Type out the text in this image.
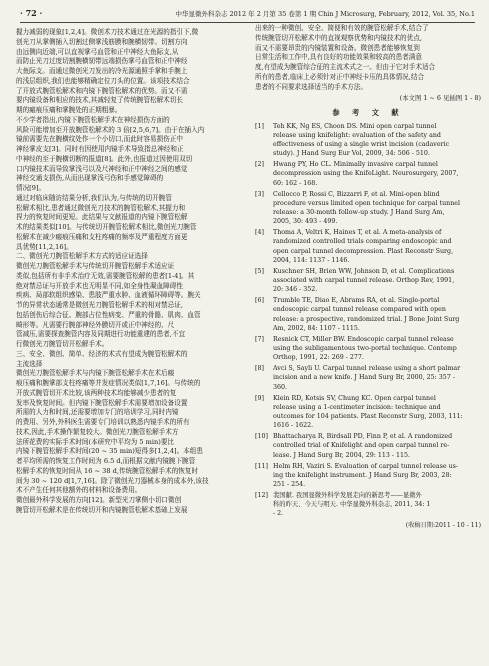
· 72 ·	中华显微外科杂志 2012 年 2 月第 35 卷第 1 期 Chin J Microsurg, February, 2012, Vol. 35, No.1
握力减弱的现象[1,2,4]。微创术刀技术通过在光源的指引下,微
创光刀从掌侧插入切割过侧掌浅筋膜和腕横韧带。切割方向
由远侧向近端,可以直视掌弓血管和正中神经大鱼际支,从
而防止光刀过度切割腕横韧带远端损伤掌弓血管和正中神经
大鱼际支。而通过微创光刀发出的冷光源通照手掌和手腕上
的浅层组织,我们也能够精确定位刀头的位置。该项技术结合
了开放式腕管松解术和内镜下腕管松解术的优势。而又不需
要内镜设备和相应的技术,其减轻复了传统腕管松解术切长
期的瘢痕压痛和掌腕处的正期粗暴。
不少学者指出,内镜下腕管松解手术在神经损伤方面的
风险可能增加至开放腕管松解术的 3 倍[2,5,6,7]。由于在插入内
镜前需要先在腕横纹处作一个小切口,而此时容易损伤正中
神经掌皮支[3]。同时有因使用内镜手术导致指总神经和正
中神经的至于腕横切断的报道[8]。此外,也报道过因使用双切
口内镜技术而导致掌浅弓以及尺神经和正中神经之间的感觉
神经交通支损伤,从而出现掌浅弓伤和手感觉障碍的
情况[9]。
通过对临床随访结果分析,我们认为,与传统的切开腕管
松解术相比,患者通过微创光刀技术的腕管松解术,其握力和
捏力的恢复时间更短。此结果与文献报道的内镜下腕管松解
术的结果类似[10]。与传统切开腕管松解术相比,微创光刀腕管
松解术在减少瘢痕压痛和支柱疼痛的频率及严重程度方面更
具优势[11,2,16]。
二、微创光刀腕管松解手术方式的适应证选择
微创光刀腕管松解手术与传统切开腕管松解手术适应证
类似,包括所有非手术治疗无效,需要腕管松解的患者[1-4]。其
绝对禁忌证与开放手术也无明显不同,如全身性凝血障碍性
疾病、局部软组织感染、患肢严重水肿、血液循环障碍等。腕关
节的异常状态通常是微创光刀腕管松解手术的相对禁忌证,
包括创伤后综合征、腕部占位性病变、严重的骨骼、肌肉、血管
畸形等。凡需要行腕部神经外膜切开或正中神经的、尺
管减压,需要探查腕管内容及同期进行功能重建的患者,不宜
行微创光刀腕管切开松解手术。
三、安全、微创、简单、经济的术式有望成为腕管松解术的
主流选择
微创光刀腕管松解手术与内镜下腕管松解手术在术后瘢
痕压痛和腕掌部支柱疼痛等并发症情况类似[1,7,16]。与传统的
开放式腕管切开术比较,该两种技术均能够减少患者的复
发率及恢复时间。但内镜下腕管松解手术需要增加设备设置
所需的人力和时间,还需要增加专门的培训学习,同时内镜
的费用、另外,外科医生需要专门培训以熟悉内镜手术的所有
技术,因此,手术操作繁复较大。微创光刀腕管松解手术方
法所花费的实际手术时间(本研究中平均为 5 min)要比
内镜下腕管松解手术时间(20 ~ 35 min)短得多[1,2,4]。本组患
者平均所需的恢复工作时间为 6.5 d,而根据文献内镜腕下腕管
松解手术的恢复时间从 16 ~ 38 d,传统腕管松解手术的恢复时
间为 30 ~ 120 d[1,7,16]。除了微创光刀器械本身的成本外,该技
术不产生任何其他额外的材料和设备费用。
微创最外科学发展的方向[12]。新型光刀掌侧小切口微创
腕管切开松解术是在传统切开和内镜腕管松解术基础上发展
出来的一种微创、安全、简便和有效的腕管松解手术,结合了
传统腕管切开松解术中的直视观察优势和内镜技术的优点,
而又不需要昂贵的内镜装置和设备。微创患者能够恢复到
日常生活和工作中,具有良好的功能效果和较高的患者满意
度,有望成为腕管综合征的主流术式之一。但由于它对手术适合
所有的患者,临床上必须针对正中神经卡压的具体情况,结合
患者的不同要求选择适当的手术方法。
(本文图 1 ~ 6 见插图 1 - 8)
参 考 文 献
[1]	Teh KK, Ng ES, Choon DS. Mini open carpal tunnel
release using knifelight: evaluation of the safety and
effectiveness of using a single wrist incision (cadaveric
study). J Hand Surg Eur Vol, 2009, 34: 506 - 510.
[2]	Hwang PY, Ho CL. Minimally invasive carpal tunnel
decompression using the KnifeLight. Neurosurgery, 2007,
60: 162 - 168.
[3]	Cellocco P, Rossi C, Bizzarri F, et al. Mini-open blind
procedure versus limited open technique for carpal tunnel
release: a 30-month follow-up study. J Hand Surg Am,
2005, 30: 493 - 499.
[4]	Thoma A, Veltri K, Haines T, et al. A meta-analysis of
randomized controlled trials comparing endoscopic and
open carpal tunnel decompression. Plast Reconstr Surg,
2004, 114: 1137 - 1146.
[5]	Kuschner SH, Brien WW, Johnson D, et al. Complications
associated with carpal tunnel release. Orthop Rev, 1991,
20: 346 - 352.
[6]	Trumble TE, Diao E, Abrams RA, et al. Single-portal
endoscopic carpal tunnel release compared with open
release: a prospective, randomized trial. J Bone Joint Surg
Am, 2002, 84: 1107 - 1115.
[7]	Resnick CT, Miller BW. Endoscopic carpal tunnel release
using the subligamentous two-portal technique. Contemp
Orthop, 1991, 22: 269 - 277.
[8]	Avci S, Sayli U. Carpal tunnel release using a short palmar
incision and a new knife. J Hand Surg Br, 2000, 25: 357 -
360.
[9]	Klein RD, Kotsis SV, Chung KC. Open carpal tunnel
release using a 1-centimeter incision: technique and
outcomes for 104 patients. Plast Reconstr Surg, 2003, 111:
1616 - 1622.
[10] Bhattacharya R, Birdsall PD, Finn P, et al. A randomized
controlled trial of Knifelight and open carpal tunnel re-
lease. J Hand Surg Br, 2004, 29: 113 - 115.
[11] Helm RH, Vaziri S. Evaluation of carpal tunnel release us-
ing the knifelight instrument. J Hand Surg Br, 2003, 28:
251 - 254.
[12] 裴国献. 我国显微外科学发展走向的新思考——显微外
科的昨天、今天与明天. 中华显微外科杂志, 2011, 34: 1
- 2.
(收稿日期:2011 - 10 - 11)
